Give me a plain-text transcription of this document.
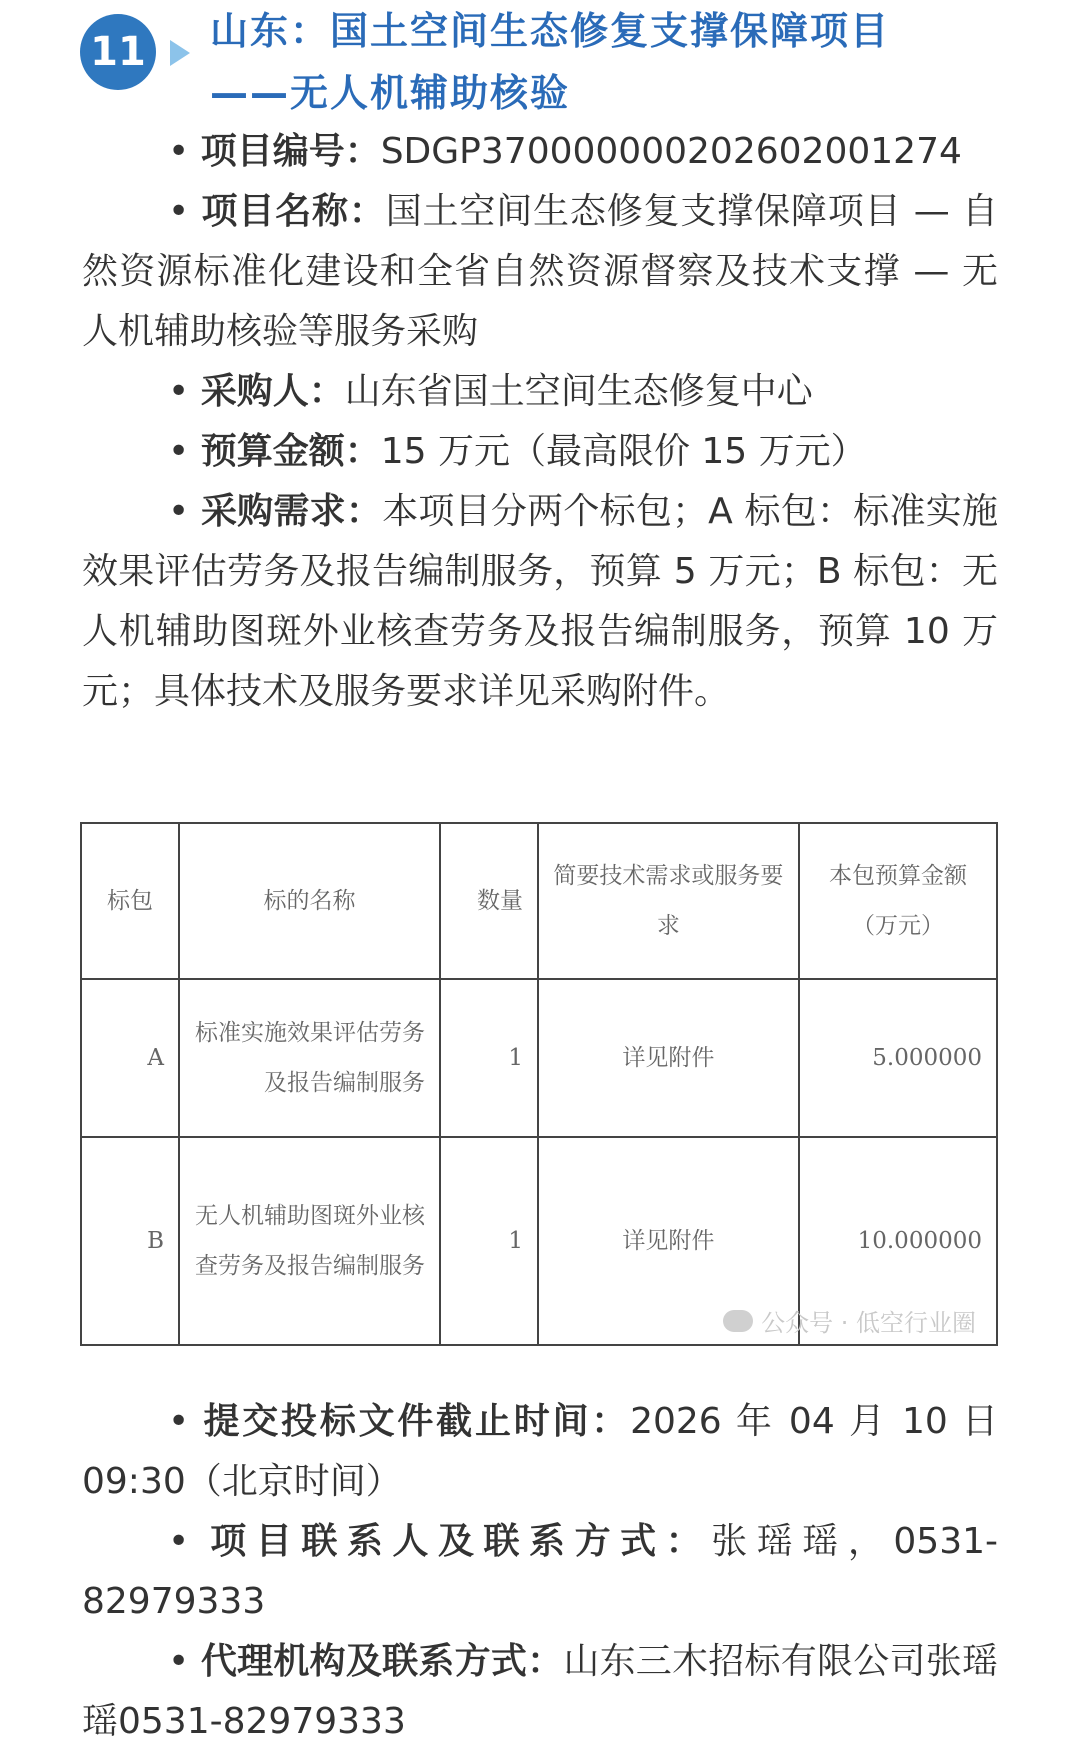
11 山东：国土空间生态修复支撑保障项目
——无人机辅助核验

• 项目编号：SDGP370000000202602001274

• 项目名称：国土空间生态修复支撑保障项目 — 自然资源标准化建设和全省自然资源督察及技术支撑 — 无人机辅助核验等服务采购

• 采购人：山东省国土空间生态修复中心

• 预算金额：15 万元（最高限价 15 万元）

• 采购需求：本项目分两个标包；A 标包：标准实施效果评估劳务及报告编制服务，预算 5 万元；B 标包：无人机辅助图斑外业核查劳务及报告编制服务，预算 10 万元；具体技术及服务要求详见采购附件。

标包	标的名称	数量	简要技术需求或服务要求	本包预算金额（万元）
A	标准实施效果评估劳务及报告编制服务	1	详见附件	5.000000
B	无人机辅助图斑外业核查劳务及报告编制服务	1	详见附件	10.000000
公众号 · 低空行业圈

• 提交投标文件截止时间：2026 年 04 月 10 日 09:30（北京时间）

• 项目联系人及联系方式：张瑶瑶，0531-82979333

• 代理机构及联系方式：山东三木招标有限公司张瑶瑶0531-82979333
